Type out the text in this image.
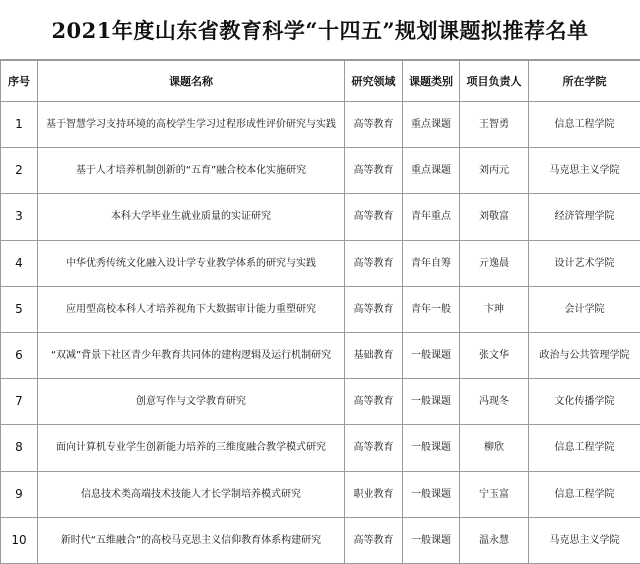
2021年度山东省教育科学“十四五”规划课题拟推荐名单
序号	课题名称	研究领域	课题类别	项目负责人	所在学院
1	基于智慧学习支持环境的高校学生学习过程形成性评价研究与实践	高等教育	重点课题	王智勇	信息工程学院
2	基于人才培养机制创新的“五育”融合校本化实施研究	高等教育	重点课题	刘丙元	马克思主义学院
3	本科大学毕业生就业质量的实证研究	高等教育	青年重点	刘敬富	经济管理学院
4	中华优秀传统文化融入设计学专业教学体系的研究与实践	高等教育	青年自筹	亓逸晨	设计艺术学院
5	应用型高校本科人才培养视角下大数据审计能力重塑研究	高等教育	青年一般	卞珅	会计学院
6	“双减”背景下社区青少年教育共同体的建构逻辑及运行机制研究	基础教育	一般课题	张文华	政治与公共管理学院
7	创意写作与文学教育研究	高等教育	一般课题	冯现冬	文化传播学院
8	面向计算机专业学生创新能力培养的三维度融合教学模式研究	高等教育	一般课题	柳欣	信息工程学院
9	信息技术类高端技术技能人才长学制培养模式研究	职业教育	一般课题	宁玉富	信息工程学院
10	新时代“五维融合”的高校马克思主义信仰教育体系构建研究	高等教育	一般课题	温永慧	马克思主义学院
